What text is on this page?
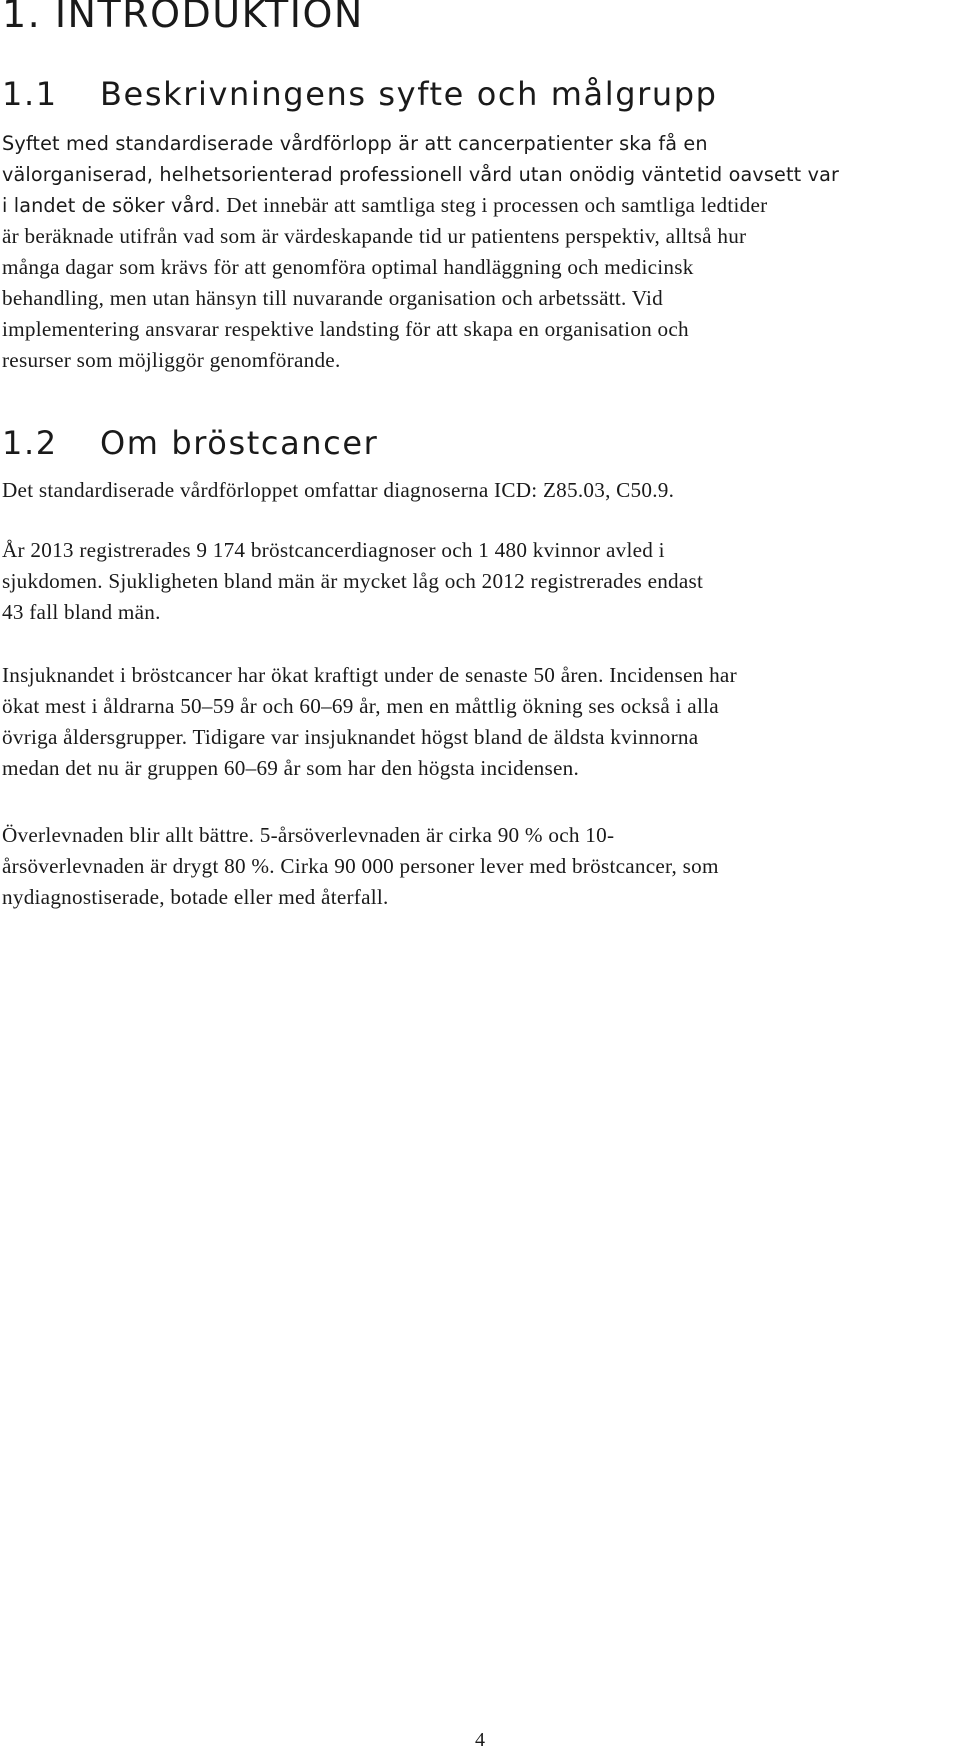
1. INTRODUKTION
1.1 Beskrivningens syfte och målgrupp
Syftet med standardiserade vårdförlopp är att cancerpatienter ska få en
välorganiserad, helhetsorienterad professionell vård utan onödig väntetid oavsett var
i landet de söker vård. Det innebär att samtliga steg i processen och samtliga ledtider
är beräknade utifrån vad som är värdeskapande tid ur patientens perspektiv, alltså hur
många dagar som krävs för att genomföra optimal handläggning och medicinsk
behandling, men utan hänsyn till nuvarande organisation och arbetssätt. Vid
implementering ansvarar respektive landsting för att skapa en organisation och
resurser som möjliggör genomförande.
1.2 Om bröstcancer
Det standardiserade vårdförloppet omfattar diagnoserna ICD: Z85.03, C50.9.
År 2013 registrerades 9 174 bröstcancerdiagnoser och 1 480 kvinnor avled i
sjukdomen. Sjukligheten bland män är mycket låg och 2012 registrerades endast
43 fall bland män.
Insjuknandet i bröstcancer har ökat kraftigt under de senaste 50 åren. Incidensen har
ökat mest i åldrarna 50–59 år och 60–69 år, men en måttlig ökning ses också i alla
övriga åldersgrupper. Tidigare var insjuknandet högst bland de äldsta kvinnorna
medan det nu är gruppen 60–69 år som har den högsta incidensen.
Överlevnaden blir allt bättre. 5-årsöverlevnaden är cirka 90 % och 10-
årsöverlevnaden är drygt 80 %. Cirka 90 000 personer lever med bröstcancer, som
nydiagnostiserade, botade eller med återfall.
4
